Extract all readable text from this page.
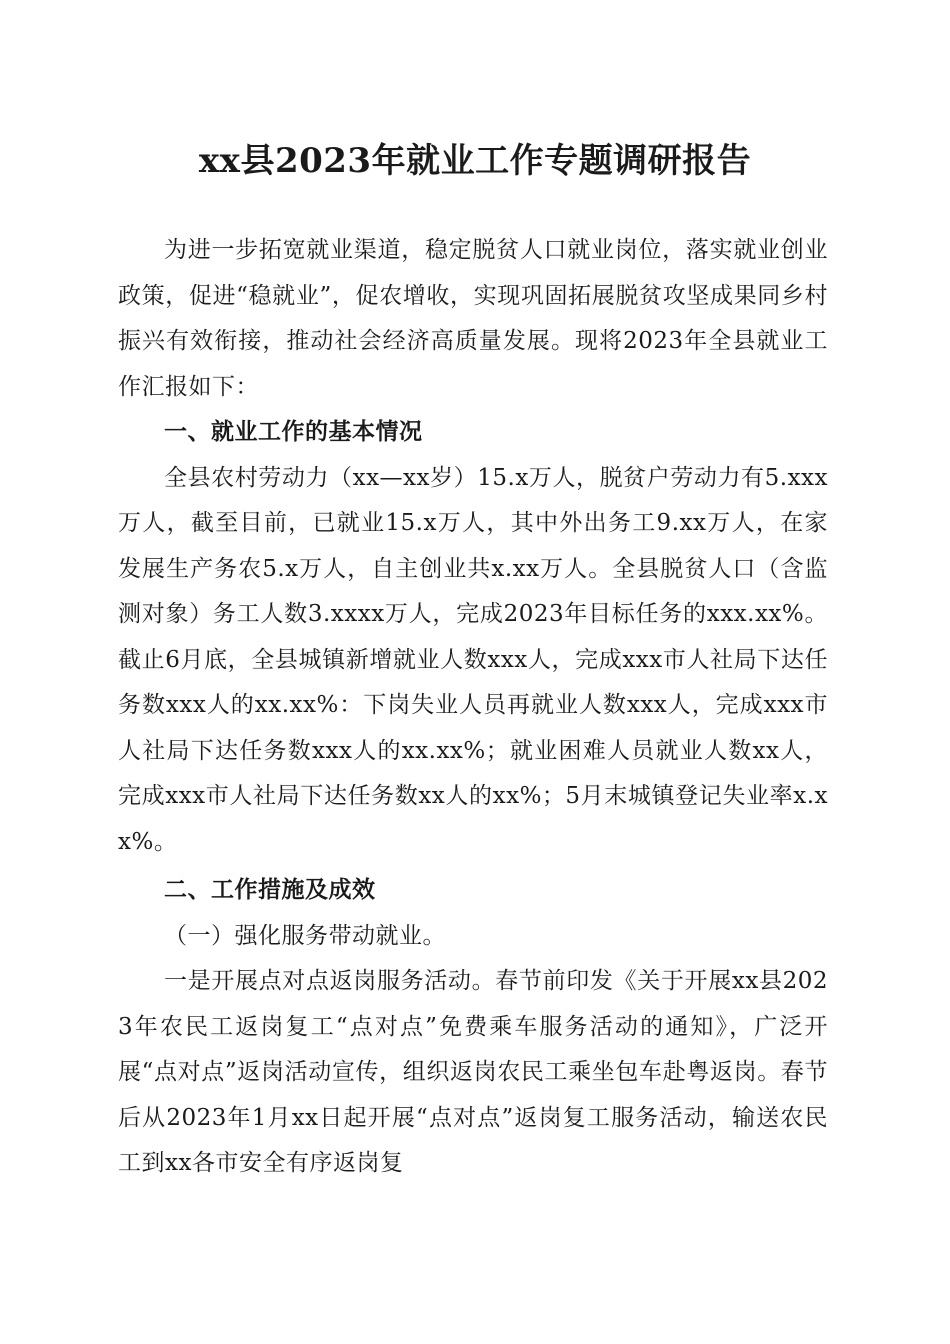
xx县2023年就业工作专题调研报告

为进一步拓宽就业渠道，稳定脱贫人口就业岗位，落实就业创业政策，促进“稳就业”，促农增收，实现巩固拓展脱贫攻坚成果同乡村振兴有效衔接，推动社会经济高质量发展。现将2023年全县就业工作汇报如下：

一、就业工作的基本情况

全县农村劳动力（xx—xx岁）15.x万人，脱贫户劳动力有5.xxx万人，截至目前，已就业15.x万人，其中外出务工9.xx万人，在家发展生产务农5.x万人，自主创业共x.xx万人。全县脱贫人口（含监测对象）务工人数3.xxxx万人，完成2023年目标任务的xxx.xx%。截止6月底，全县城镇新增就业人数xxx人，完成xxx市人社局下达任务数xxx人的xx.xx%：下岗失业人员再就业人数xxx人，完成xxx市人社局下达任务数xxx人的xx.xx%；就业困难人员就业人数xx人，完成xxx市人社局下达任务数xx人的xx%；5月末城镇登记失业率x.xx%。

二、工作措施及成效

（一）强化服务带动就业。

一是开展点对点返岗服务活动。春节前印发《关于开展xx县2023年农民工返岗复工“点对点”免费乘车服务活动的通知》，广泛开展“点对点”返岗活动宣传，组织返岗农民工乘坐包车赴粤返岗。春节后从2023年1月xx日起开展“点对点”返岗复工服务活动，输送农民工到xx各市安全有序返岗复
